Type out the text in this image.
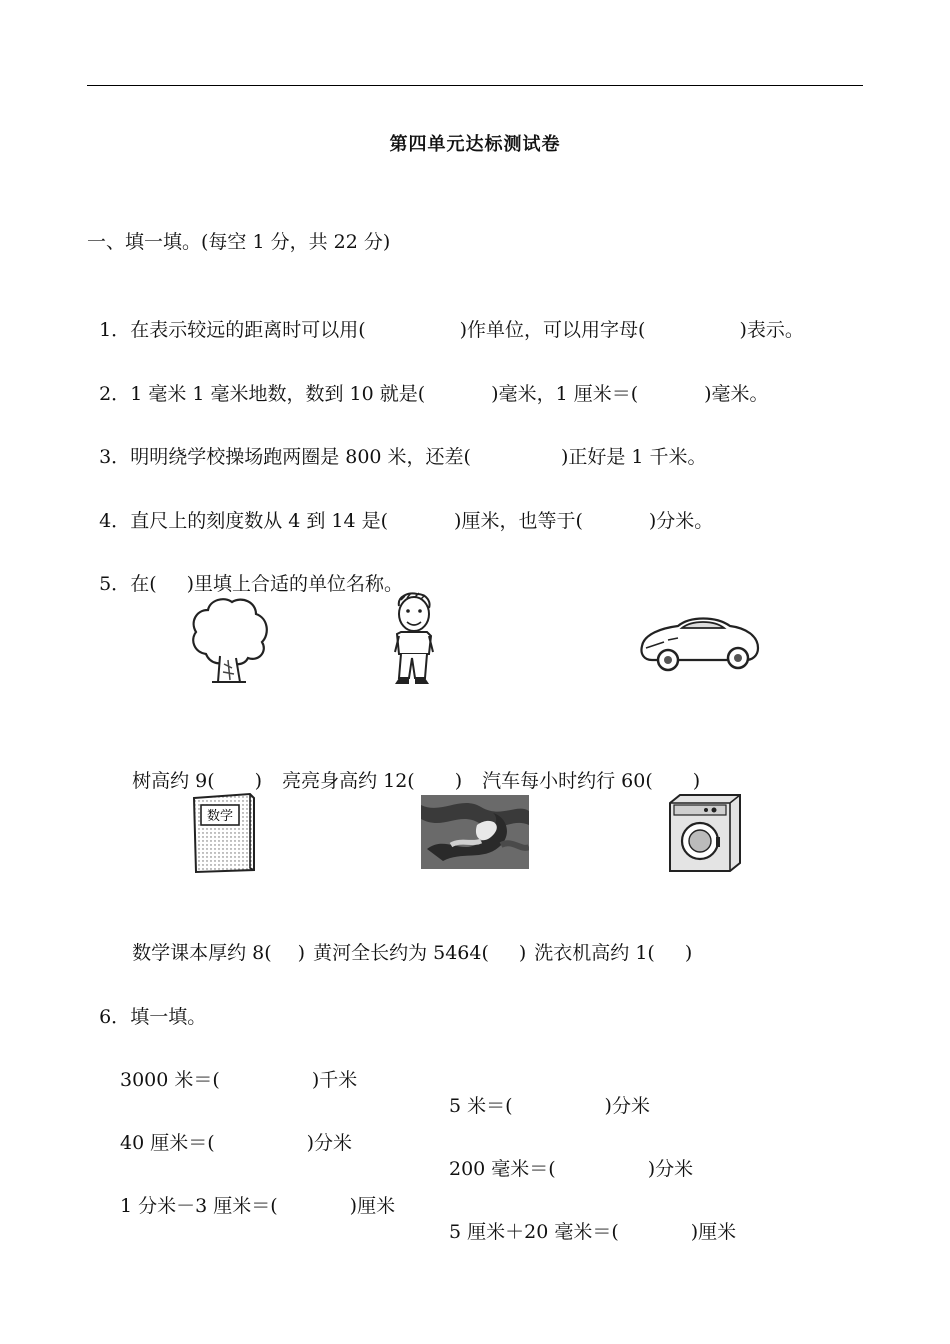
第四单元达标测试卷
一、填一填。(每空 1 分，共 22 分)

1．在表示较远的距离时可以用(	)作单位，可以用字母(	)表示。

2．1 毫米 1 毫米地数，数到 10 就是(	)毫米，1 厘米＝(	)毫米。

3．明明绕学校操场跑两圈是 800 米，还差(	)正好是 1 千米。

4．直尺上的刻度数从 4 到 14 是(	)厘米，也等于(	)分米。

5．在( )里填上合适的单位名称。

树高约 9( ) 亮亮身高约 12( ) 汽车每小时约行 60( )

数学

数学课本厚约 8( ) 黄河全长约为 5464( ) 洗衣机高约 1( )

6．填一填。

3000 米＝(	)千米

5 米＝(	)分米

40 厘米＝(	)分米

200 毫米＝(	)分米

1 分米－3 厘米＝(	)厘米

5 厘米＋20 毫米＝(	)厘米
